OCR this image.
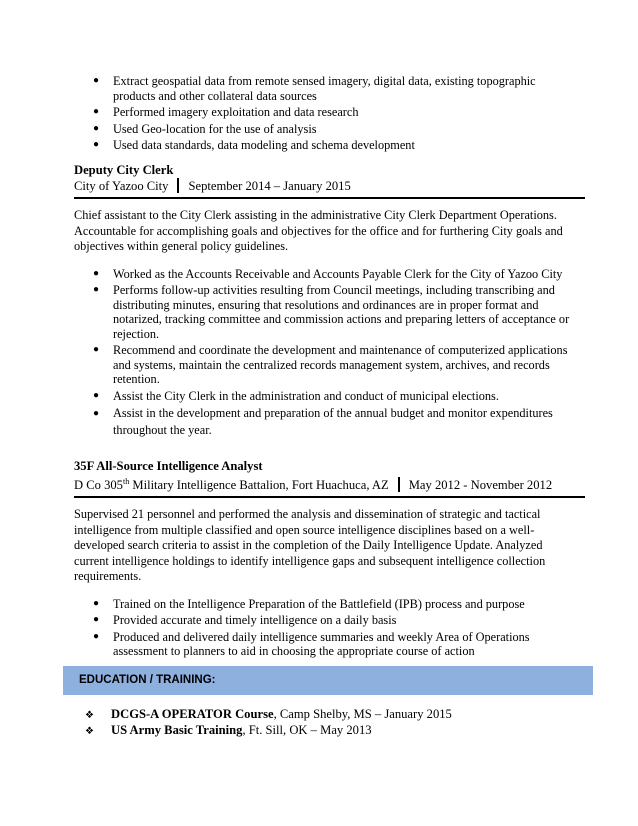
● Extract geospatial data from remote sensed imagery, digital data, existing topographic products and other collateral data sources
● Performed imagery exploitation and data research
● Used Geo-location for the use of analysis
● Used data standards, data modeling and schema development

Deputy City Clerk

City of Yazoo City September 2014 – January 2015

Chief assistant to the City Clerk assisting in the administrative City Clerk Department Operations. Accountable for accomplishing goals and objectives for the office and for furthering City goals and objectives within general policy guidelines.

● Worked as the Accounts Receivable and Accounts Payable Clerk for the City of Yazoo City
● Performs follow-up activities resulting from Council meetings, including transcribing and distributing minutes, ensuring that resolutions and ordinances are in proper format and notarized, tracking committee and commission actions and preparing letters of acceptance or rejection.
● Recommend and coordinate the development and maintenance of computerized applications and systems, maintain the centralized records management system, archives, and records retention.
● Assist the City Clerk in the administration and conduct of municipal elections.
● Assist in the development and preparation of the annual budget and monitor expenditures throughout the year.

35F All-Source Intelligence Analyst

D Co 305th Military Intelligence Battalion, Fort Huachuca, AZ May 2012 - November 2012

Supervised 21 personnel and performed the analysis and dissemination of strategic and tactical intelligence from multiple classified and open source intelligence disciplines based on a well-developed search criteria to assist in the completion of the Daily Intelligence Update. Analyzed current intelligence holdings to identify intelligence gaps and subsequent intelligence collection requirements.

● Trained on the Intelligence Preparation of the Battlefield (IPB) process and purpose
● Provided accurate and timely intelligence on a daily basis
● Produced and delivered daily intelligence summaries and weekly Area of Operations assessment to planners to aid in choosing the appropriate course of action
EDUCATION / TRAINING:
❖ DCGS-A OPERATOR Course, Camp Shelby, MS – January 2015
❖ US Army Basic Training, Ft. Sill, OK – May 2013
